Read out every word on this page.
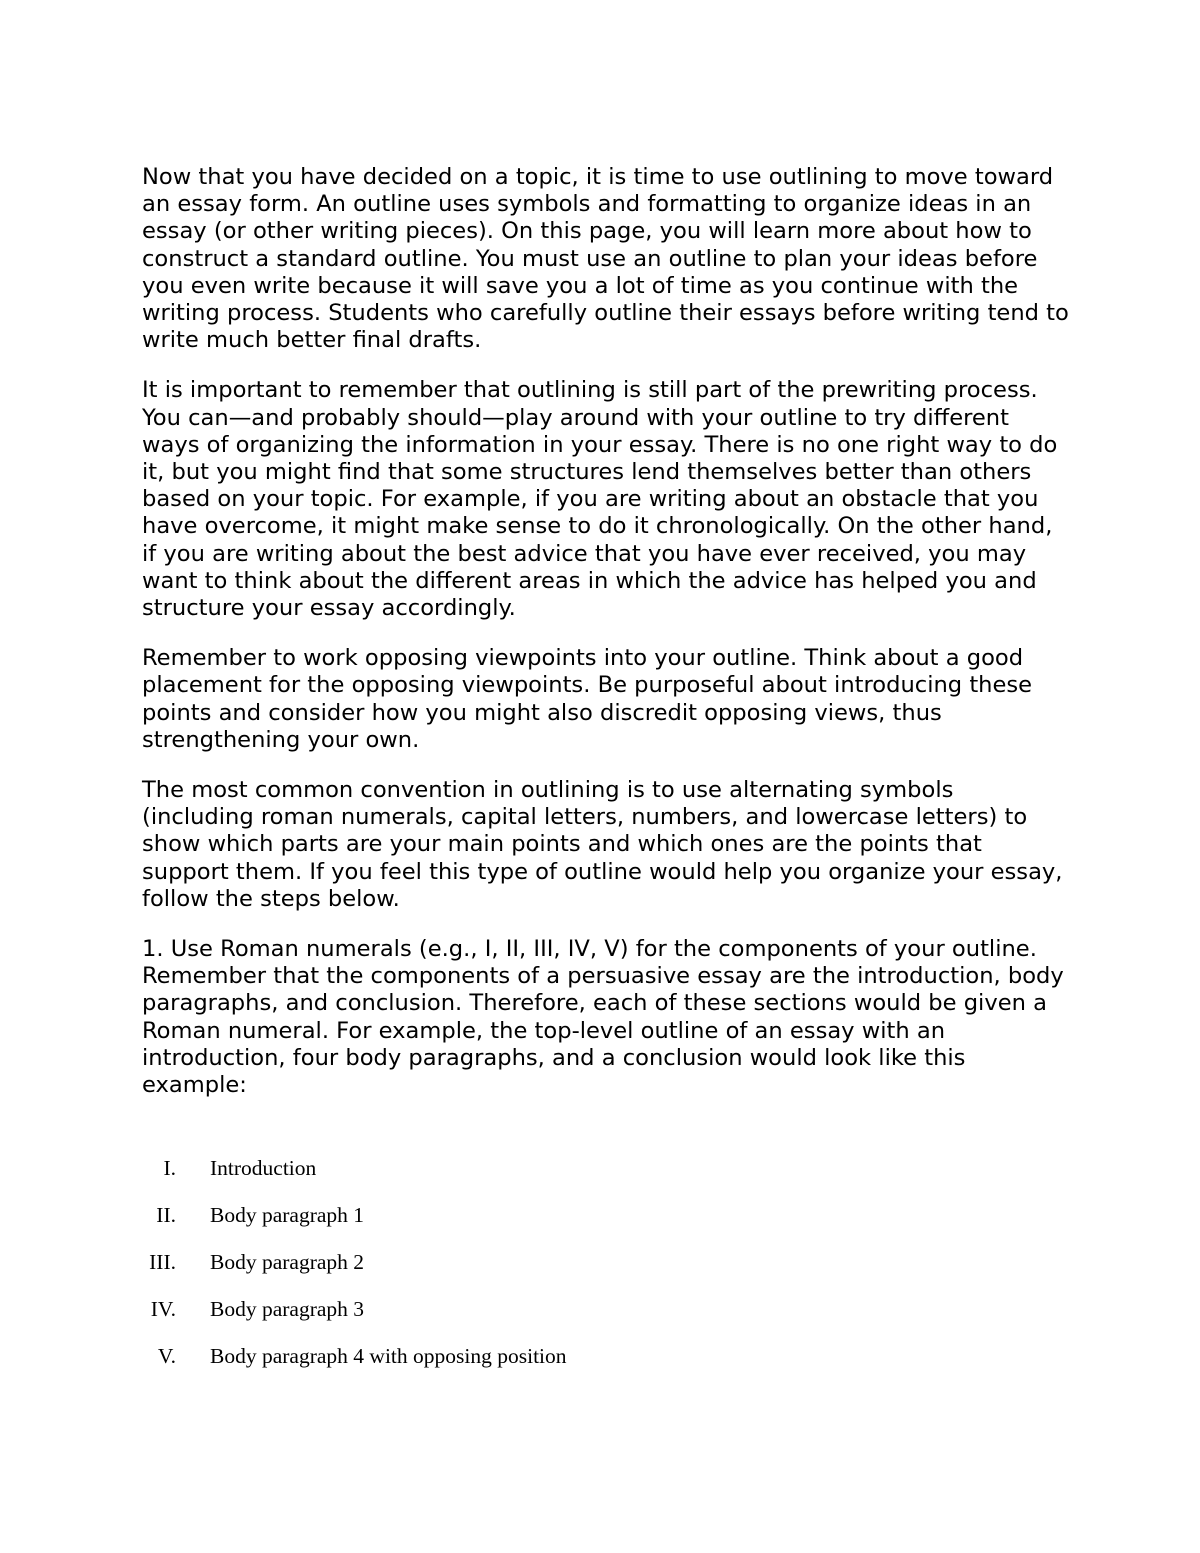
Now that you have decided on a topic, it is time to use outlining to move toward an essay form. An outline uses symbols and formatting to organize ideas in an essay (or other writing pieces). On this page, you will learn more about how to construct a standard outline. You must use an outline to plan your ideas before you even write because it will save you a lot of time as you continue with the writing process. Students who carefully outline their essays before writing tend to write much better final drafts.

It is important to remember that outlining is still part of the prewriting process. You can—and probably should—play around with your outline to try different ways of organizing the information in your essay. There is no one right way to do it, but you might find that some structures lend themselves better than others based on your topic. For example, if you are writing about an obstacle that you have overcome, it might make sense to do it chronologically. On the other hand, if you are writing about the best advice that you have ever received, you may want to think about the different areas in which the advice has helped you and structure your essay accordingly.

Remember to work opposing viewpoints into your outline. Think about a good placement for the opposing viewpoints. Be purposeful about introducing these points and consider how you might also discredit opposing views, thus strengthening your own.

The most common convention in outlining is to use alternating symbols (including roman numerals, capital letters, numbers, and lowercase letters) to show which parts are your main points and which ones are the points that support them. If you feel this type of outline would help you organize your essay, follow the steps below.

1. Use Roman numerals (e.g., I, II, III, IV, V) for the components of your outline. Remember that the components of a persuasive essay are the introduction, body paragraphs, and conclusion. Therefore, each of these sections would be given a Roman numeral. For example, the top-level outline of an essay with an introduction, four body paragraphs, and a conclusion would look like this example:

I. Introduction
II. Body paragraph 1
III. Body paragraph 2
IV. Body paragraph 3
V. Body paragraph 4 with opposing position
